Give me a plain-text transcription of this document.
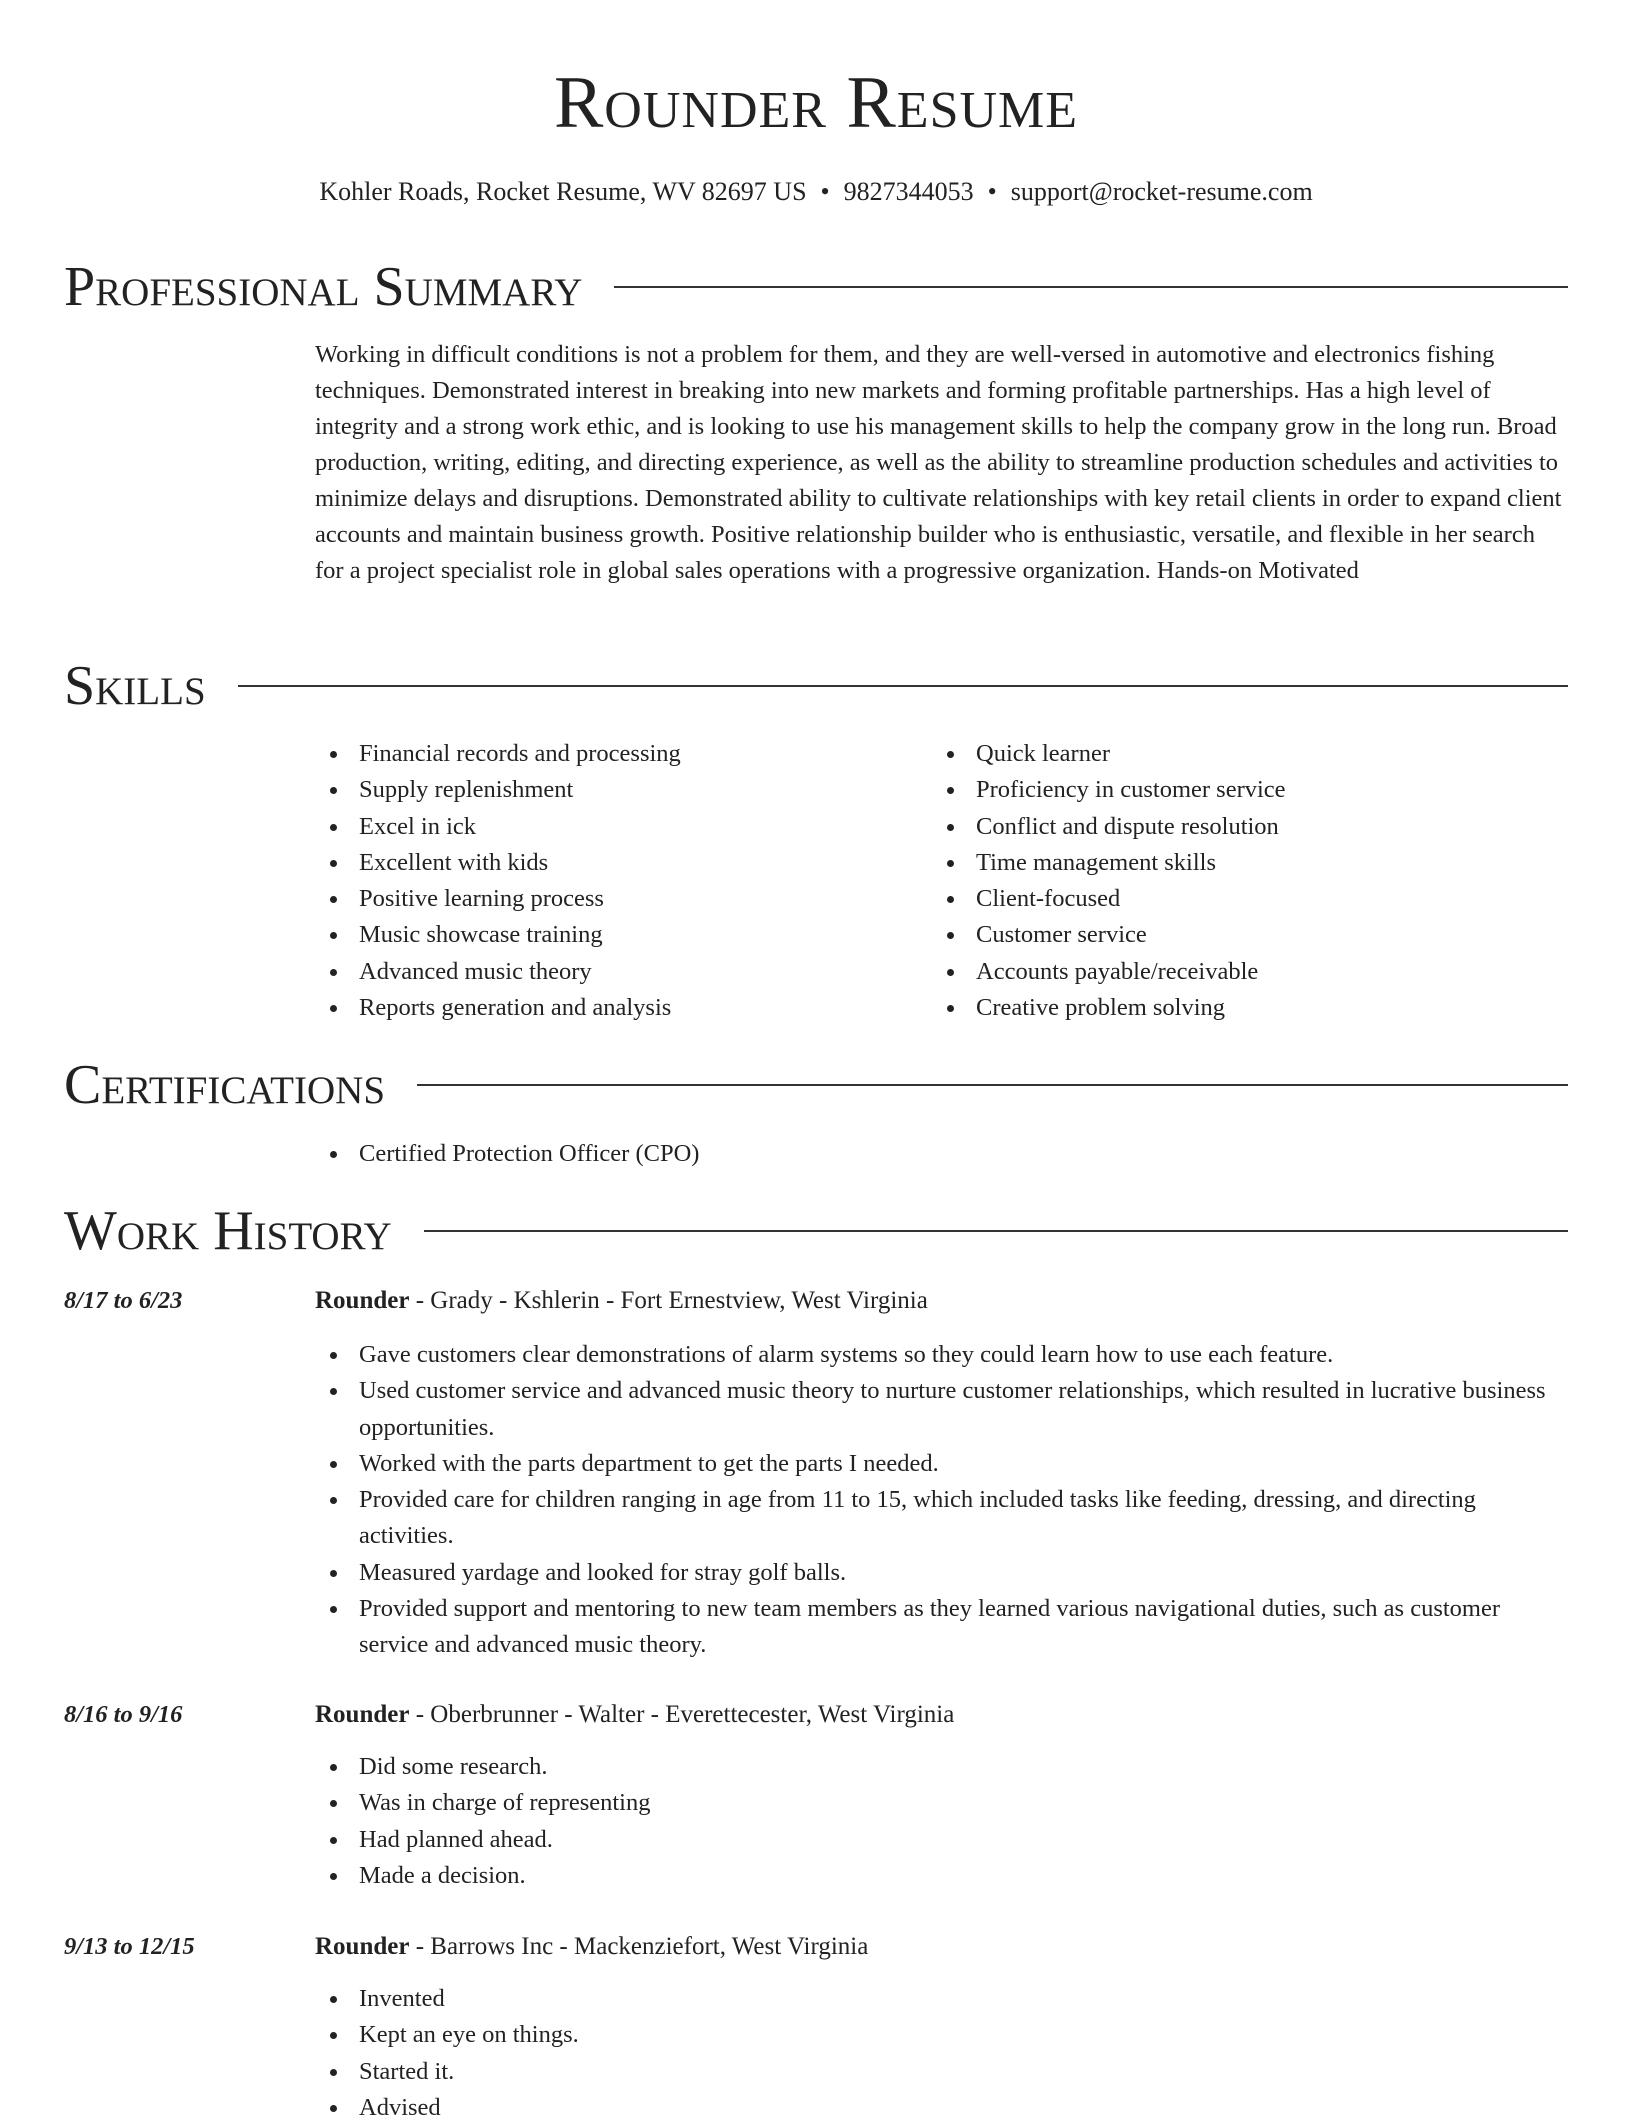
Rounder Resume
Kohler Roads, Rocket Resume, WV 82697 US • 9827344053 • support@rocket-resume.com
Professional Summary

Working in difficult conditions is not a problem for them, and they are well-versed in automotive and electronics fishing techniques. Demonstrated interest in breaking into new markets and forming profitable partnerships. Has a high level of integrity and a strong work ethic, and is looking to use his management skills to help the company grow in the long run. Broad production, writing, editing, and directing experience, as well as the ability to streamline production schedules and activities to minimize delays and disruptions. Demonstrated ability to cultivate relationships with key retail clients in order to expand client accounts and maintain business growth. Positive relationship builder who is enthusiastic, versatile, and flexible in her search for a project specialist role in global sales operations with a progressive organization. Hands-on Motivated

Skills
Financial records and processing
Supply replenishment
Excel in ick
Excellent with kids
Positive learning process
Music showcase training
Advanced music theory
Reports generation and analysis
Quick learner
Proficiency in customer service
Conflict and dispute resolution
Time management skills
Client-focused
Customer service
Accounts payable/receivable
Creative problem solving
Certifications
Certified Protection Officer (CPO)
Work History
8/17 to 6/23	Rounder - Grady - Kshlerin - Fort Ernestview, West Virginia
Gave customers clear demonstrations of alarm systems so they could learn how to use each feature.
Used customer service and advanced music theory to nurture customer relationships, which resulted in lucrative business opportunities.
Worked with the parts department to get the parts I needed.
Provided care for children ranging in age from 11 to 15, which included tasks like feeding, dressing, and directing activities.
Measured yardage and looked for stray golf balls.
Provided support and mentoring to new team members as they learned various navigational duties, such as customer service and advanced music theory.
8/16 to 9/16	Rounder - Oberbrunner - Walter - Everettecester, West Virginia
Did some research.
Was in charge of representing
Had planned ahead.
Made a decision.
9/13 to 12/15	Rounder - Barrows Inc - Mackenziefort, West Virginia
Invented
Kept an eye on things.
Started it.
Advised
